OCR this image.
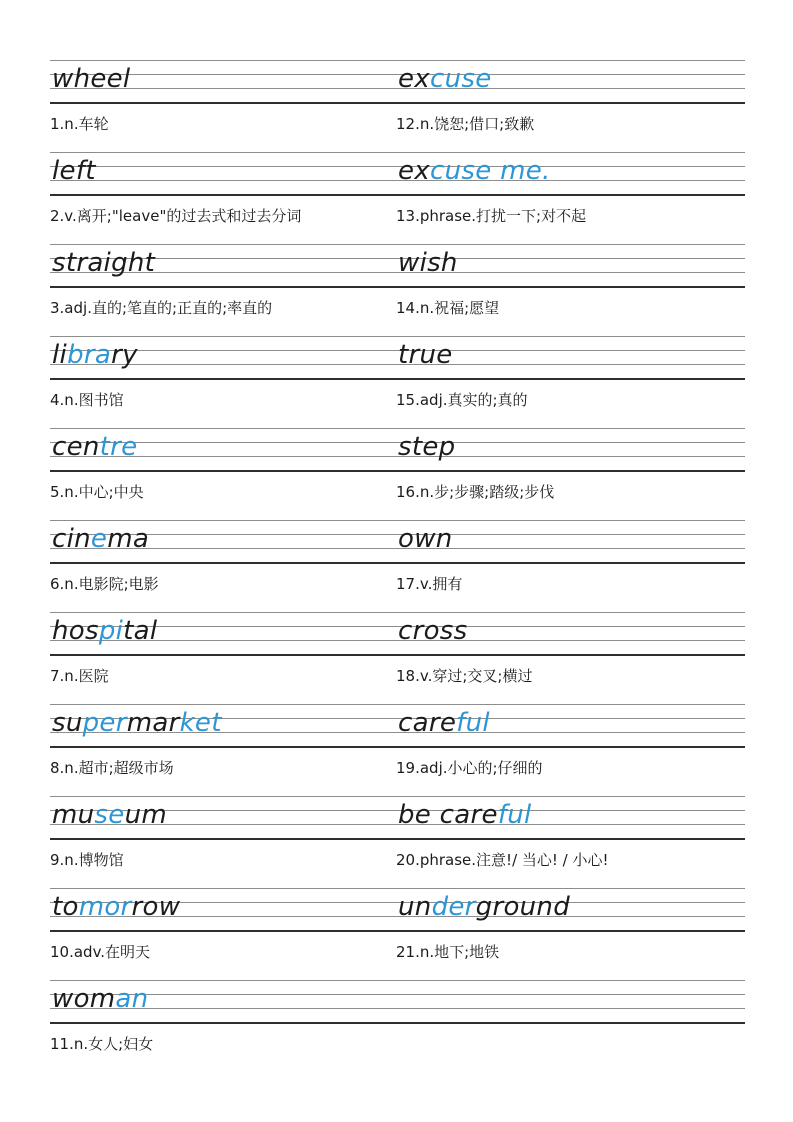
wheel	excuse
1.n.车轮	12.n.饶恕;借口;致歉
left	excuse me.
2.v.离开;"leave"的过去式和过去分词	13.phrase.打扰一下;对不起
straight	wish
3.adj.直的;笔直的;正直的;率直的	14.n.祝福;愿望
library	true
4.n.图书馆	15.adj.真实的;真的
centre	step
5.n.中心;中央	16.n.步;步骤;踏级;步伐
cinema	own
6.n.电影院;电影	17.v.拥有
hospital	cross
7.n.医院	18.v.穿过;交叉;横过
supermarket	careful
8.n.超市;超级市场	19.adj.小心的;仔细的
museum	be careful
9.n.博物馆	20.phrase.注意!/ 当心! / 小心!
tomorrow	underground
10.adv.在明天	21.n.地下;地铁
woman
11.n.女人;妇女
